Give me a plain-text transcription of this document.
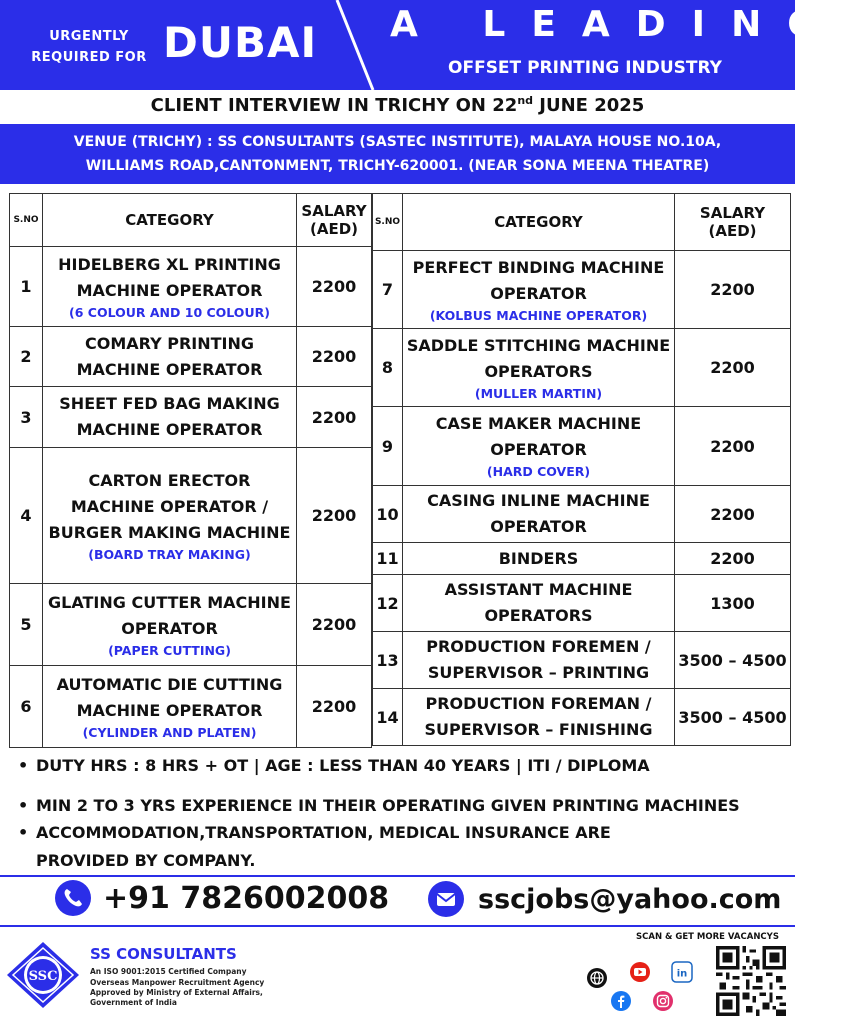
URGENTLY
REQUIRED FOR DUBAI A LEADING
OFFSET PRINTING INDUSTRY
CLIENT INTERVIEW IN TRICHY ON 22nd JUNE 2025
VENUE (TRICHY) : SS CONSULTANTS (SASTEC INSTITUTE), MALAYA HOUSE NO.10A,
WILLIAMS ROAD,CANTONMENT, TRICHY-620001. (NEAR SONA MEENA THEATRE)
S.NO	CATEGORY	SALARY
(AED)

1	HIDELBERG XL PRINTING MACHINE OPERATOR
(6 COLOUR AND 10 COLOUR)	2200
2	COMARY PRINTING MACHINE OPERATOR	2200
3	SHEET FED BAG MAKING MACHINE OPERATOR	2200
4	CARTON ERECTOR MACHINE OPERATOR / BURGER MAKING MACHINE
(BOARD TRAY MAKING)	2200
5	GLATING CUTTER MACHINE OPERATOR
(PAPER CUTTING)	2200
6	AUTOMATIC DIE CUTTING MACHINE OPERATOR
(CYLINDER AND PLATEN)	2200
S.NO	CATEGORY	SALARY
(AED)

7	PERFECT BINDING MACHINE OPERATOR
(KOLBUS MACHINE OPERATOR)	2200
8	SADDLE STITCHING MACHINE OPERATORS
(MULLER MARTIN)	2200
9	CASE MAKER MACHINE OPERATOR
(HARD COVER)	2200
10	CASING INLINE MACHINE OPERATOR	2200
11	BINDERS	2200
12	ASSISTANT MACHINE OPERATORS	1300
13	PRODUCTION FOREMEN / SUPERVISOR – PRINTING	3500 – 4500
14	PRODUCTION FOREMAN / SUPERVISOR – FINISHING	3500 – 4500
• DUTY HRS : 8 HRS + OT | AGE : LESS THAN 40 YEARS | ITI / DIPLOMA
• MIN 2 TO 3 YRS EXPERIENCE IN THEIR OPERATING GIVEN PRINTING MACHINES
• ACCOMMODATION,TRANSPORTATION, MEDICAL INSURANCE ARE
PROVIDED BY COMPANY.
+91 7826002008	sscjobs@yahoo.com
SSC
SS CONSULTANTS
An ISO 9001:2015 Certified Company
Overseas Manpower Recruitment Agency
Approved by Ministry of External Affairs,
Government of India
SCAN & GET MORE VACANCYS
in
